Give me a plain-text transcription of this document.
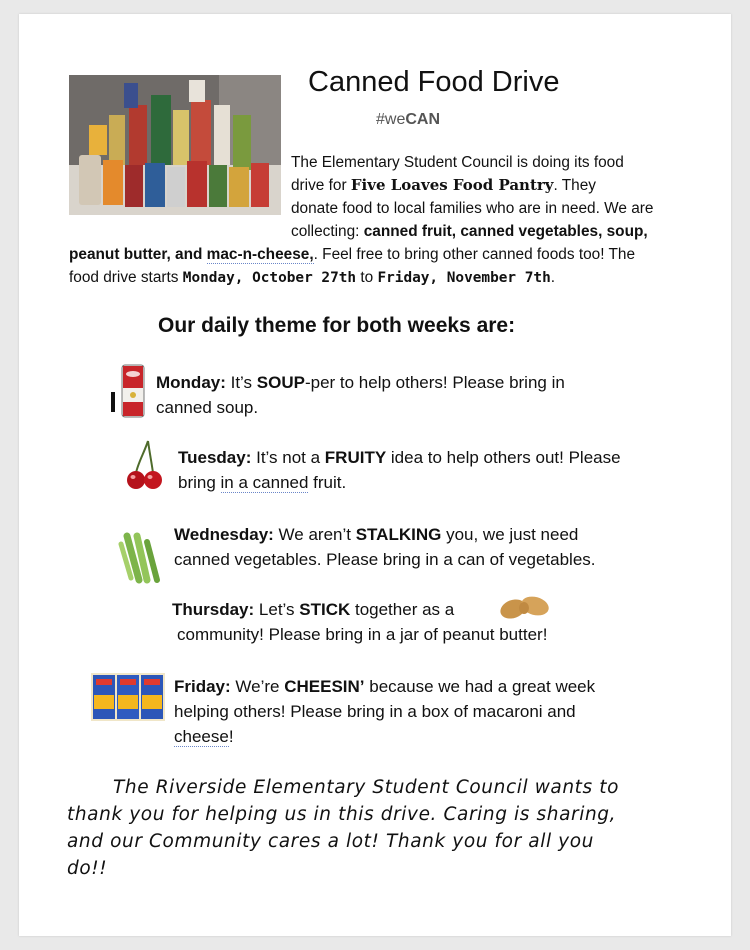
Canned Food Drive
#weCAN
The Elementary Student Council is doing its food
drive for Five Loaves Food Pantry. They
donate food to local families who are in need. We are
collecting: canned fruit, canned vegetables, soup,
peanut butter, and mac-n-cheese,. Feel free to bring other canned foods too! The
food drive starts Monday, October 27th to Friday, November 7th.
Our daily theme for both weeks are:
Monday: It’s SOUP-per to help others! Please bring in
canned soup.
Tuesday: It’s not a FRUITY idea to help others out! Please
bring in a canned fruit.
Wednesday: We aren’t STALKING you, we just need
canned vegetables. Please bring in a can of vegetables.
Thursday: Let’s STICK together as a
community! Please bring in a jar of peanut butter!
Friday: We’re CHEESIN’ because we had a great week
helping others! Please bring in a box of macaroni and
cheese!
The Riverside Elementary Student Council wants to
thank you for helping us in this drive. Caring is sharing,
and our Community cares a lot! Thank you for all you
do!!
